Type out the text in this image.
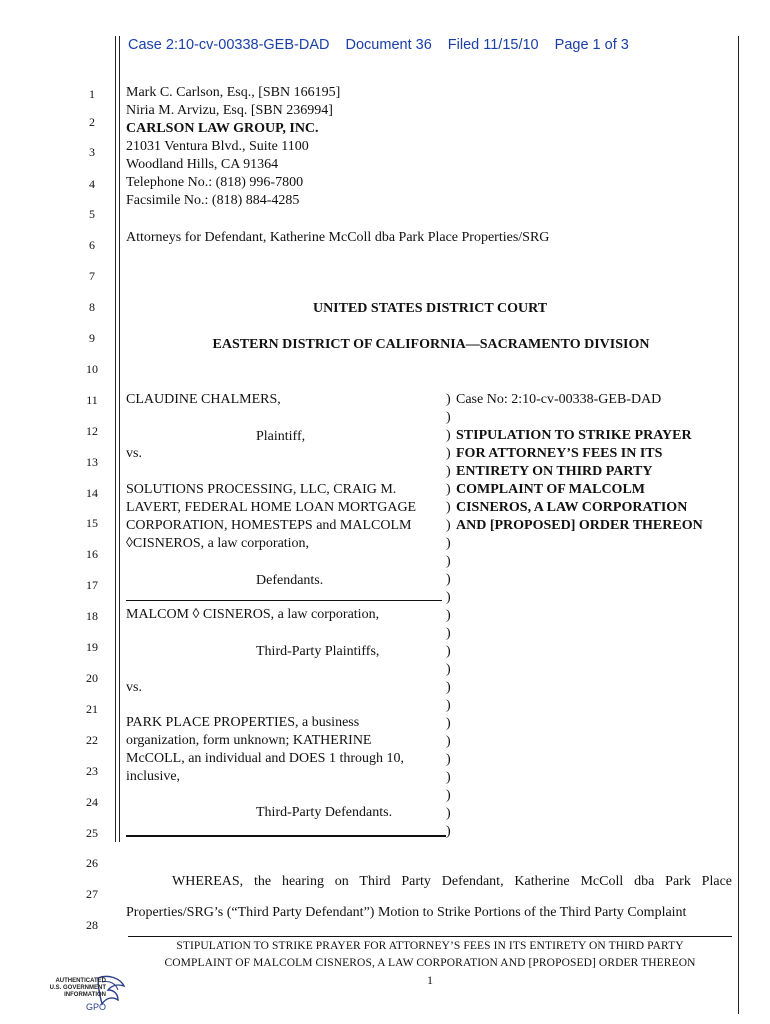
Case 2:10-cv-00338-GEB-DAD Document 36 Filed 11/15/10 Page 1 of 3
1
2
3
4
5
6
7
8
9
10
11
12
13
14
15
16
17
18
19
20
21
22
23
24
25
26
27
28
Mark C. Carlson, Esq., [SBN 166195]
Niria M. Arvizu, Esq. [SBN 236994]
CARLSON LAW GROUP, INC.
21031 Ventura Blvd., Suite 1100
Woodland Hills, CA 91364
Telephone No.: (818) 996-7800
Facsimile No.: (818) 884-4285
Attorneys for Defendant, Katherine McColl dba Park Place Properties/SRG
UNITED STATES DISTRICT COURT
EASTERN DISTRICT OF CALIFORNIA—SACRAMENTO DIVISION
CLAUDINE CHALMERS,
Plaintiff,
vs.
SOLUTIONS PROCESSING, LLC, CRAIG M.
LAVERT, FEDERAL HOME LOAN MORTGAGE
CORPORATION, HOMESTEPS and MALCOLM
◊CISNEROS, a law corporation,
Defendants.
MALCOM ◊ CISNEROS, a law corporation,
Third-Party Plaintiffs,
vs.
PARK PLACE PROPERTIES, a business
organization, form unknown; KATHERINE
McCOLL, an individual and DOES 1 through 10,
inclusive,
Third-Party Defendants.
)
)
)
)
)
)
)
)
)
)
)
)
)
)
)
)
)
)
)
)
)
)
)
)
)
Case No: 2:10-cv-00338-GEB-DAD
STIPULATION TO STRIKE PRAYER
FOR ATTORNEY’S FEES IN ITS
ENTIRETY ON THIRD PARTY
COMPLAINT OF MALCOLM
CISNEROS, A LAW CORPORATION
AND [PROPOSED] ORDER THEREON
WHEREAS, the hearing on Third Party Defendant, Katherine McColl dba Park Place
Properties/SRG’s (“Third Party Defendant”) Motion to Strike Portions of the Third Party Complaint
STIPULATION TO STRIKE PRAYER FOR ATTORNEY’S FEES IN ITS ENTIRETY ON THIRD PARTY
COMPLAINT OF MALCOLM CISNEROS, A LAW CORPORATION AND [PROPOSED] ORDER THEREON
1
AUTHENTICATED
U.S. GOVERNMENT
INFORMATION
GPO
